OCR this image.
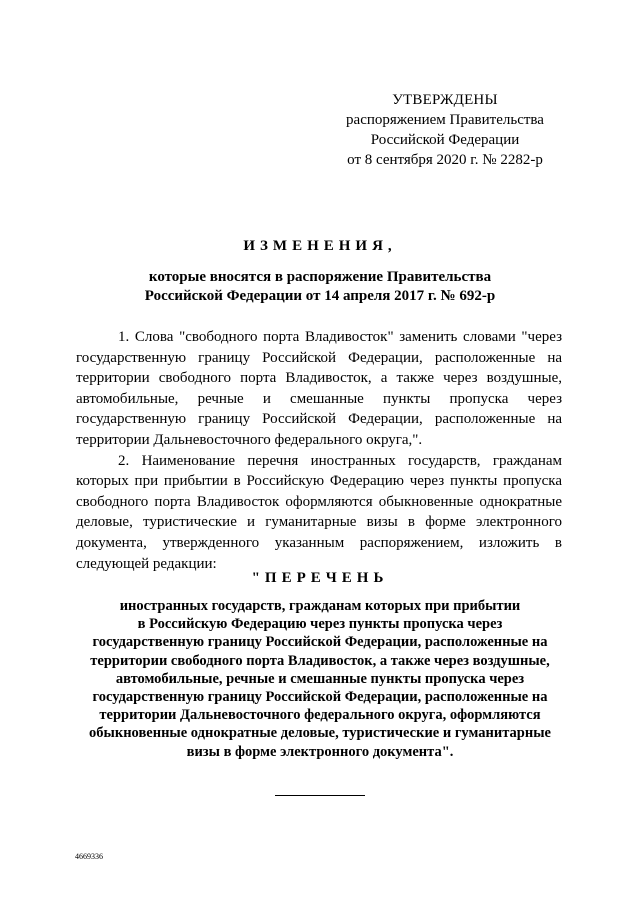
УТВЕРЖДЕНЫ
распоряжением Правительства
Российской Федерации
от 8 сентября 2020 г. № 2282-р
ИЗМЕНЕНИЯ,
которые вносятся в распоряжение Правительства
Российской Федерации от 14 апреля 2017 г. № 692-р

1. Слова "свободного порта Владивосток" заменить словами "через государственную границу Российской Федерации, расположенные на территории свободного порта Владивосток, а также через воздушные, автомобильные, речные и смешанные пункты пропуска через государственную границу Российской Федерации, расположенные на территории Дальневосточного федерального округа,".

2. Наименование перечня иностранных государств, гражданам которых при прибытии в Российскую Федерацию через пункты пропуска свободного порта Владивосток оформляются обыкновенные однократные деловые, туристические и гуманитарные визы в форме электронного документа, утвержденного указанным распоряжением, изложить в следующей редакции:

"ПЕРЕЧЕНЬ
иностранных государств, гражданам которых при прибытии
в Российскую Федерацию через пункты пропуска через
государственную границу Российской Федерации, расположенные на
территории свободного порта Владивосток, а также через воздушные,
автомобильные, речные и смешанные пункты пропуска через
государственную границу Российской Федерации, расположенные на
территории Дальневосточного федерального округа, оформляются
обыкновенные однократные деловые, туристические и гуманитарные
визы в форме электронного документа".
4669336
